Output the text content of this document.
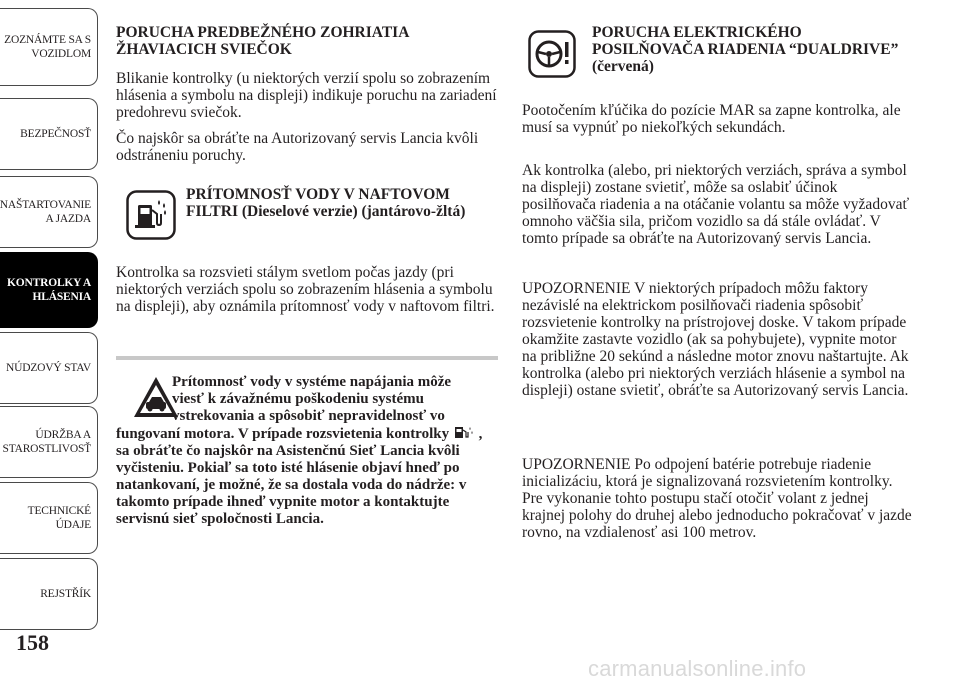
ZOZNÁMTE SA S
VOZIDLOM
BEZPEČNOSŤ
NAŠTARTOVANIE
A JAZDA
KONTROLKY A
HLÁSENIA
NÚDZOVÝ STAV
ÚDRŽBA A
STAROSTLIVOSŤ
TECHNICKÉ
ÚDAJE
REJSTŘÍK
158
PORUCHA PREDBEŽNÉHO ZOHRIATIA ŽHAVIACICH SVIEČOK

Blikanie kontrolky (u niektorých verzií spolu so zobrazením hlásenia a symbolu na displeji) indikuje poruchu na zariadení predohrevu sviečok.

Čo najskôr sa obráťte na Autorizovaný servis Lancia kvôli odstráneniu poruchy.

PRÍTOMNOSŤ VODY V NAFTOVOM FILTRI (Dieselové verzie) (jantárovo-žltá)

Kontrolka sa rozsvieti stálym svetlom počas jazdy (pri niektorých verziách spolu so zobrazením hlásenia a symbolu na displeji), aby oznámila prítomnosť vody v naftovom filtri.

Prítomnosť vody v systéme napájania môže
viesť k závažnému poškodeniu systému
vstrekovania a spôsobiť nepravidelnosť vo
fungovaní motora. V prípade rozsvietenia kontrolky , sa obráťte čo najskôr na Asistenčnú Sieť Lancia kvôli vyčisteniu. Pokiaľ sa toto isté hlásenie objaví hneď po natankovaní, je možné, že sa dostala voda do nádrže: v takomto prípade ihneď vypnite motor a kontaktujte servisnú sieť spoločnosti Lancia.
PORUCHA ELEKTRICKÉHO POSILŇOVAČA RIADENIA “DUALDRIVE” (červená)

Pootočením kľúčika do pozície MAR sa zapne kontrolka, ale musí sa vypnúť po niekoľkých sekundách.

Ak kontrolka (alebo, pri niektorých verziách, správa a symbol na displeji) zostane svietiť, môže sa oslabiť účinok posilňovača riadenia a na otáčanie volantu sa môže vyžadovať omnoho väčšia sila, pričom vozidlo sa dá stále ovládať. V tomto prípade sa obráťte na Autorizovaný servis Lancia.

UPOZORNENIE V niektorých prípadoch môžu faktory nezávislé na elektrickom posilňovači riadenia spôsobiť rozsvietenie kontrolky na prístrojovej doske. V takom prípade okamžite zastavte vozidlo (ak sa pohybujete), vypnite motor na približne 20 sekúnd a následne motor znovu naštartujte. Ak kontrolka (alebo pri niektorých verziách hlásenie a symbol na displeji) ostane svietiť, obráťte sa Autorizovaný servis Lancia.

UPOZORNENIE Po odpojení batérie potrebuje riadenie inicializáciu, ktorá je signalizovaná rozsvietením kontrolky. Pre vykonanie tohto postupu stačí otočiť volant z jednej krajnej polohy do druhej alebo jednoducho pokračovať v jazde rovno, na vzdialenosť asi 100 metrov.

carmanualsonline.info
